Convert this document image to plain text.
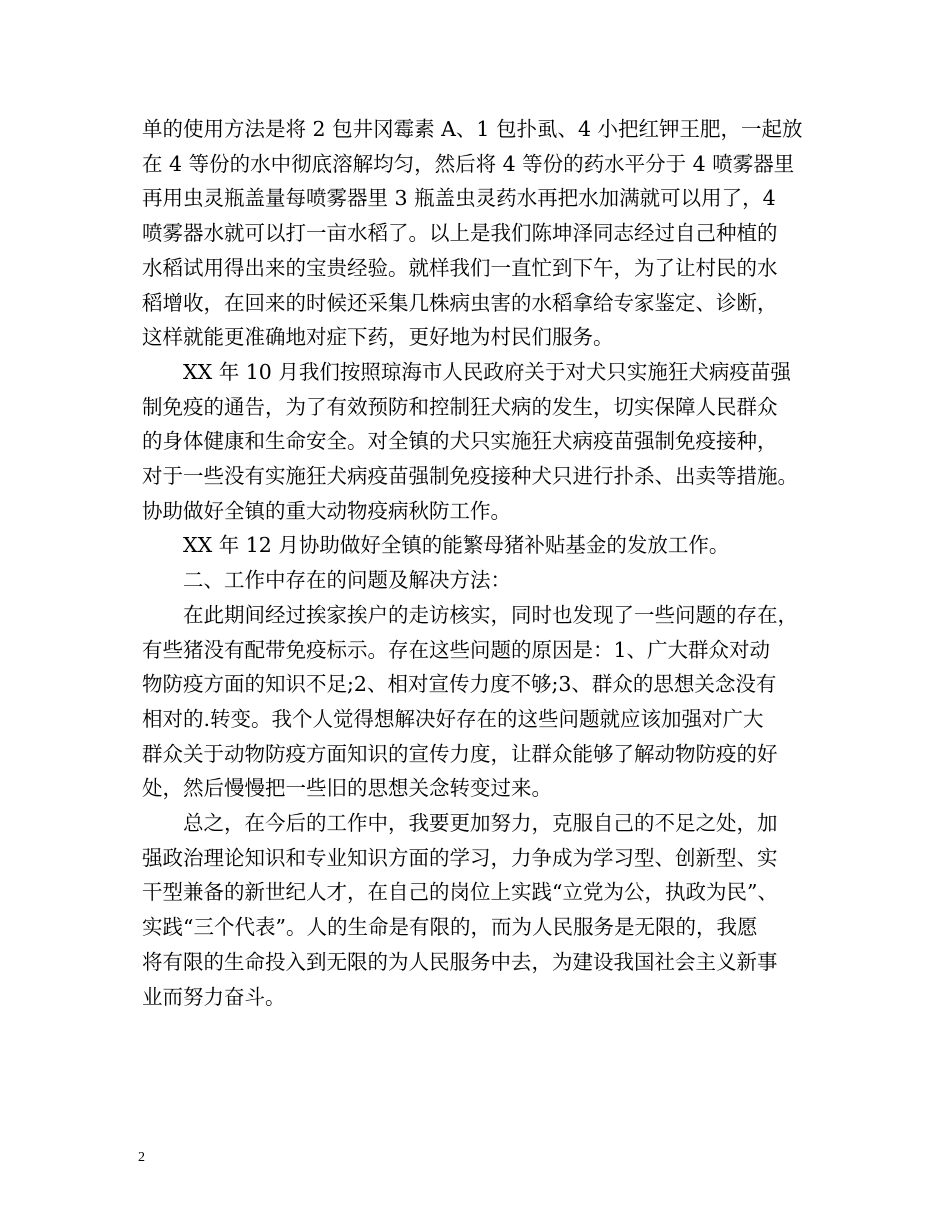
单的使用方法是将 2 包井冈霉素 A、1 包扑虱、4 小把红钾王肥，一起放

在 4 等份的水中彻底溶解均匀，然后将 4 等份的药水平分于 4 喷雾器里

再用虫灵瓶盖量每喷雾器里 3 瓶盖虫灵药水再把水加满就可以用了，4

喷雾器水就可以打一亩水稻了。以上是我们陈坤泽同志经过自己种植的

水稻试用得出来的宝贵经验。就样我们一直忙到下午，为了让村民的水

稻增收，在回来的时候还采集几株病虫害的水稻拿给专家鉴定、诊断，

这样就能更准确地对症下药，更好地为村民们服务。

　　XX 年 10 月我们按照琼海市人民政府关于对犬只实施狂犬病疫苗强

制免疫的通告，为了有效预防和控制狂犬病的发生，切实保障人民群众

的身体健康和生命安全。对全镇的犬只实施狂犬病疫苗强制免疫接种，

对于一些没有实施狂犬病疫苗强制免疫接种犬只进行扑杀、出卖等措施。

协助做好全镇的重大动物疫病秋防工作。

　　XX 年 12 月协助做好全镇的能繁母猪补贴基金的发放工作。

　　二、工作中存在的问题及解决方法：

　　在此期间经过挨家挨户的走访核实，同时也发现了一些问题的存在，

有些猪没有配带免疫标示。存在这些问题的原因是：1、广大群众对动

物防疫方面的知识不足;2、相对宣传力度不够;3、群众的思想关念没有

相对的.转变。我个人觉得想解决好存在的这些问题就应该加强对广大

群众关于动物防疫方面知识的宣传力度，让群众能够了解动物防疫的好

处，然后慢慢把一些旧的思想关念转变过来。

　　总之，在今后的工作中，我要更加努力，克服自己的不足之处，加

强政治理论知识和专业知识方面的学习，力争成为学习型、创新型、实

干型兼备的新世纪人才，在自己的岗位上实践“立党为公，执政为民”、

实践“三个代表”。人的生命是有限的，而为人民服务是无限的，我愿

将有限的生命投入到无限的为人民服务中去，为建设我国社会主义新事

业而努力奋斗。

2
